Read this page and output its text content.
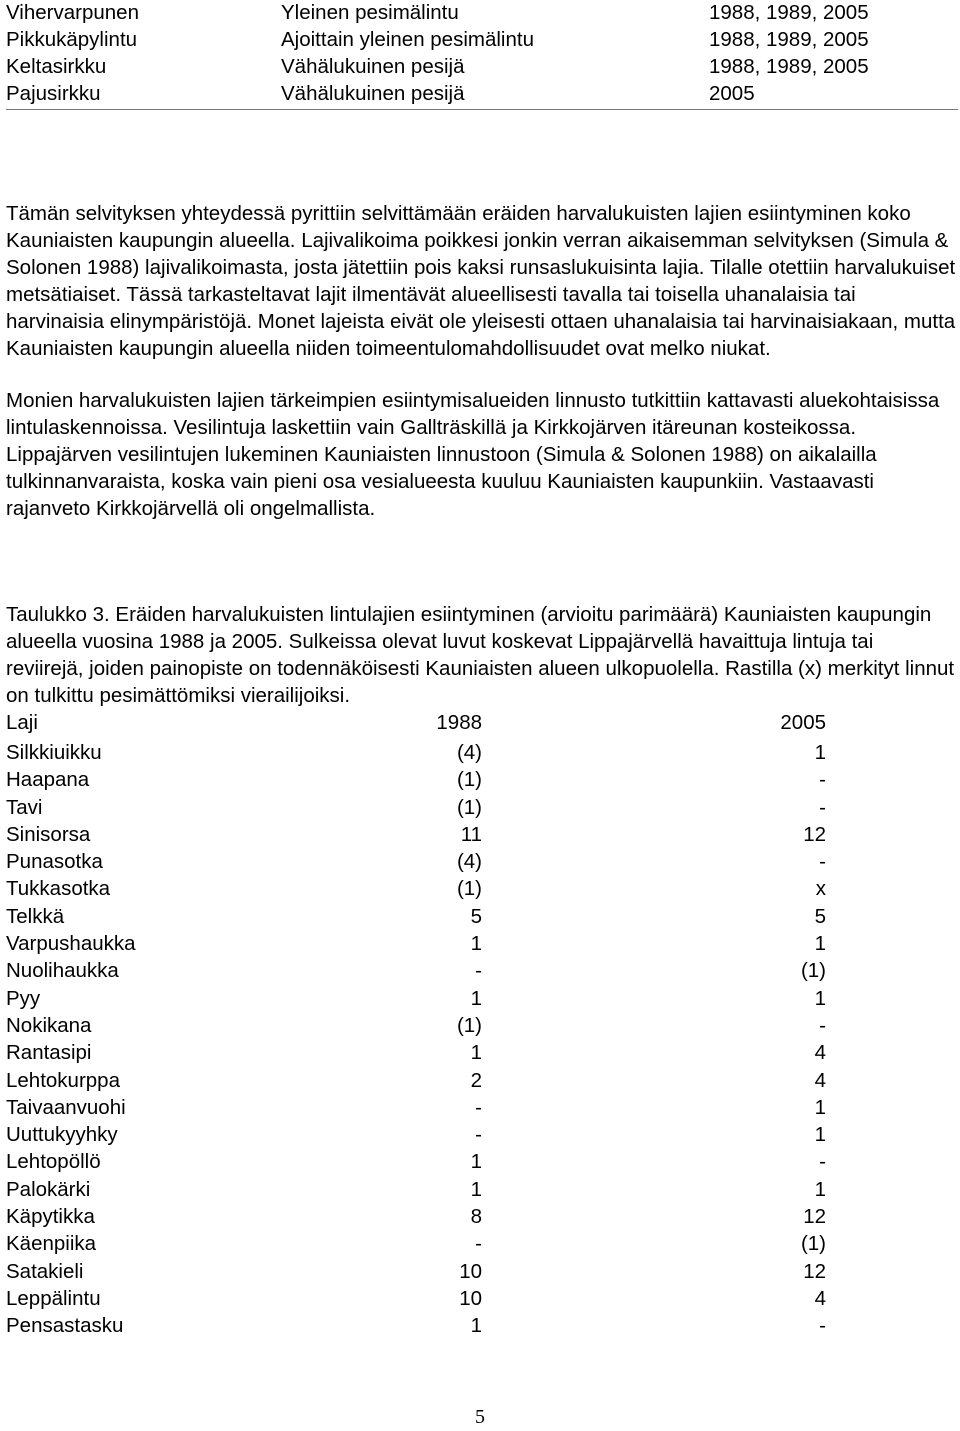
Vihervarpunen	Yleinen pesimälintu	1988, 1989, 2005
Pikkukäpylintu	Ajoittain yleinen pesimälintu	1988, 1989, 2005
Keltasirkku	Vähälukuinen pesijä	1988, 1989, 2005
Pajusirkku	Vähälukuinen pesijä	2005

Tämän selvityksen yhteydessä pyrittiin selvittämään eräiden harvalukuisten lajien esiintyminen koko Kauniaisten kaupungin alueella. Lajivalikoima poikkesi jonkin verran aikaisemman selvityksen (Simula & Solonen 1988) lajivalikoimasta, josta jätettiin pois kaksi runsaslukuisinta lajia. Tilalle otettiin harvalukuiset metsätiaiset. Tässä tarkasteltavat lajit ilmentävät alueellisesti tavalla tai toisella uhanalaisia tai harvinaisia elinympäristöjä. Monet lajeista eivät ole yleisesti ottaen uhanalaisia tai harvinaisiakaan, mutta Kauniaisten kaupungin alueella niiden toimeentulomahdollisuudet ovat melko niukat.

Monien harvalukuisten lajien tärkeimpien esiintymisalueiden linnusto tutkittiin kattavasti aluekohtaisissa lintulaskennoissa. Vesilintuja laskettiin vain Gallträskillä ja Kirkkojärven itäreunan kosteikossa. Lippajärven vesilintujen lukeminen Kauniaisten linnustoon (Simula & Solonen 1988) on aikalailla tulkinnanvaraista, koska vain pieni osa vesialueesta kuuluu Kauniaisten kaupunkiin. Vastaavasti rajanveto Kirkkojärvellä oli ongelmallista.

Taulukko 3. Eräiden harvalukuisten lintulajien esiintyminen (arvioitu parimäärä) Kauniaisten kaupungin alueella vuosina 1988 ja 2005. Sulkeissa olevat luvut koskevat Lippajärvellä havaittuja lintuja tai reviirejä, joiden painopiste on todennäköisesti Kauniaisten alueen ulkopuolella. Rastilla (x) merkityt linnut on tulkittu pesimättömiksi vierailijoiksi.

Laji	1988	2005
Silkkiuikku	(4)	1
Haapana	(1)	-
Tavi	(1)	-
Sinisorsa	11	12
Punasotka	(4)	-
Tukkasotka	(1)	x
Telkkä	5	5
Varpushaukka	1	1
Nuolihaukka	-	(1)
Pyy	1	1
Nokikana	(1)	-
Rantasipi	1	4
Lehtokurppa	2	4
Taivaanvuohi	-	1
Uuttukyyhky	-	1
Lehtopöllö	1	-
Palokärki	1	1
Käpytikka	8	12
Käenpiika	-	(1)
Satakieli	10	12
Leppälintu	10	4
Pensastasku	1	-
5
